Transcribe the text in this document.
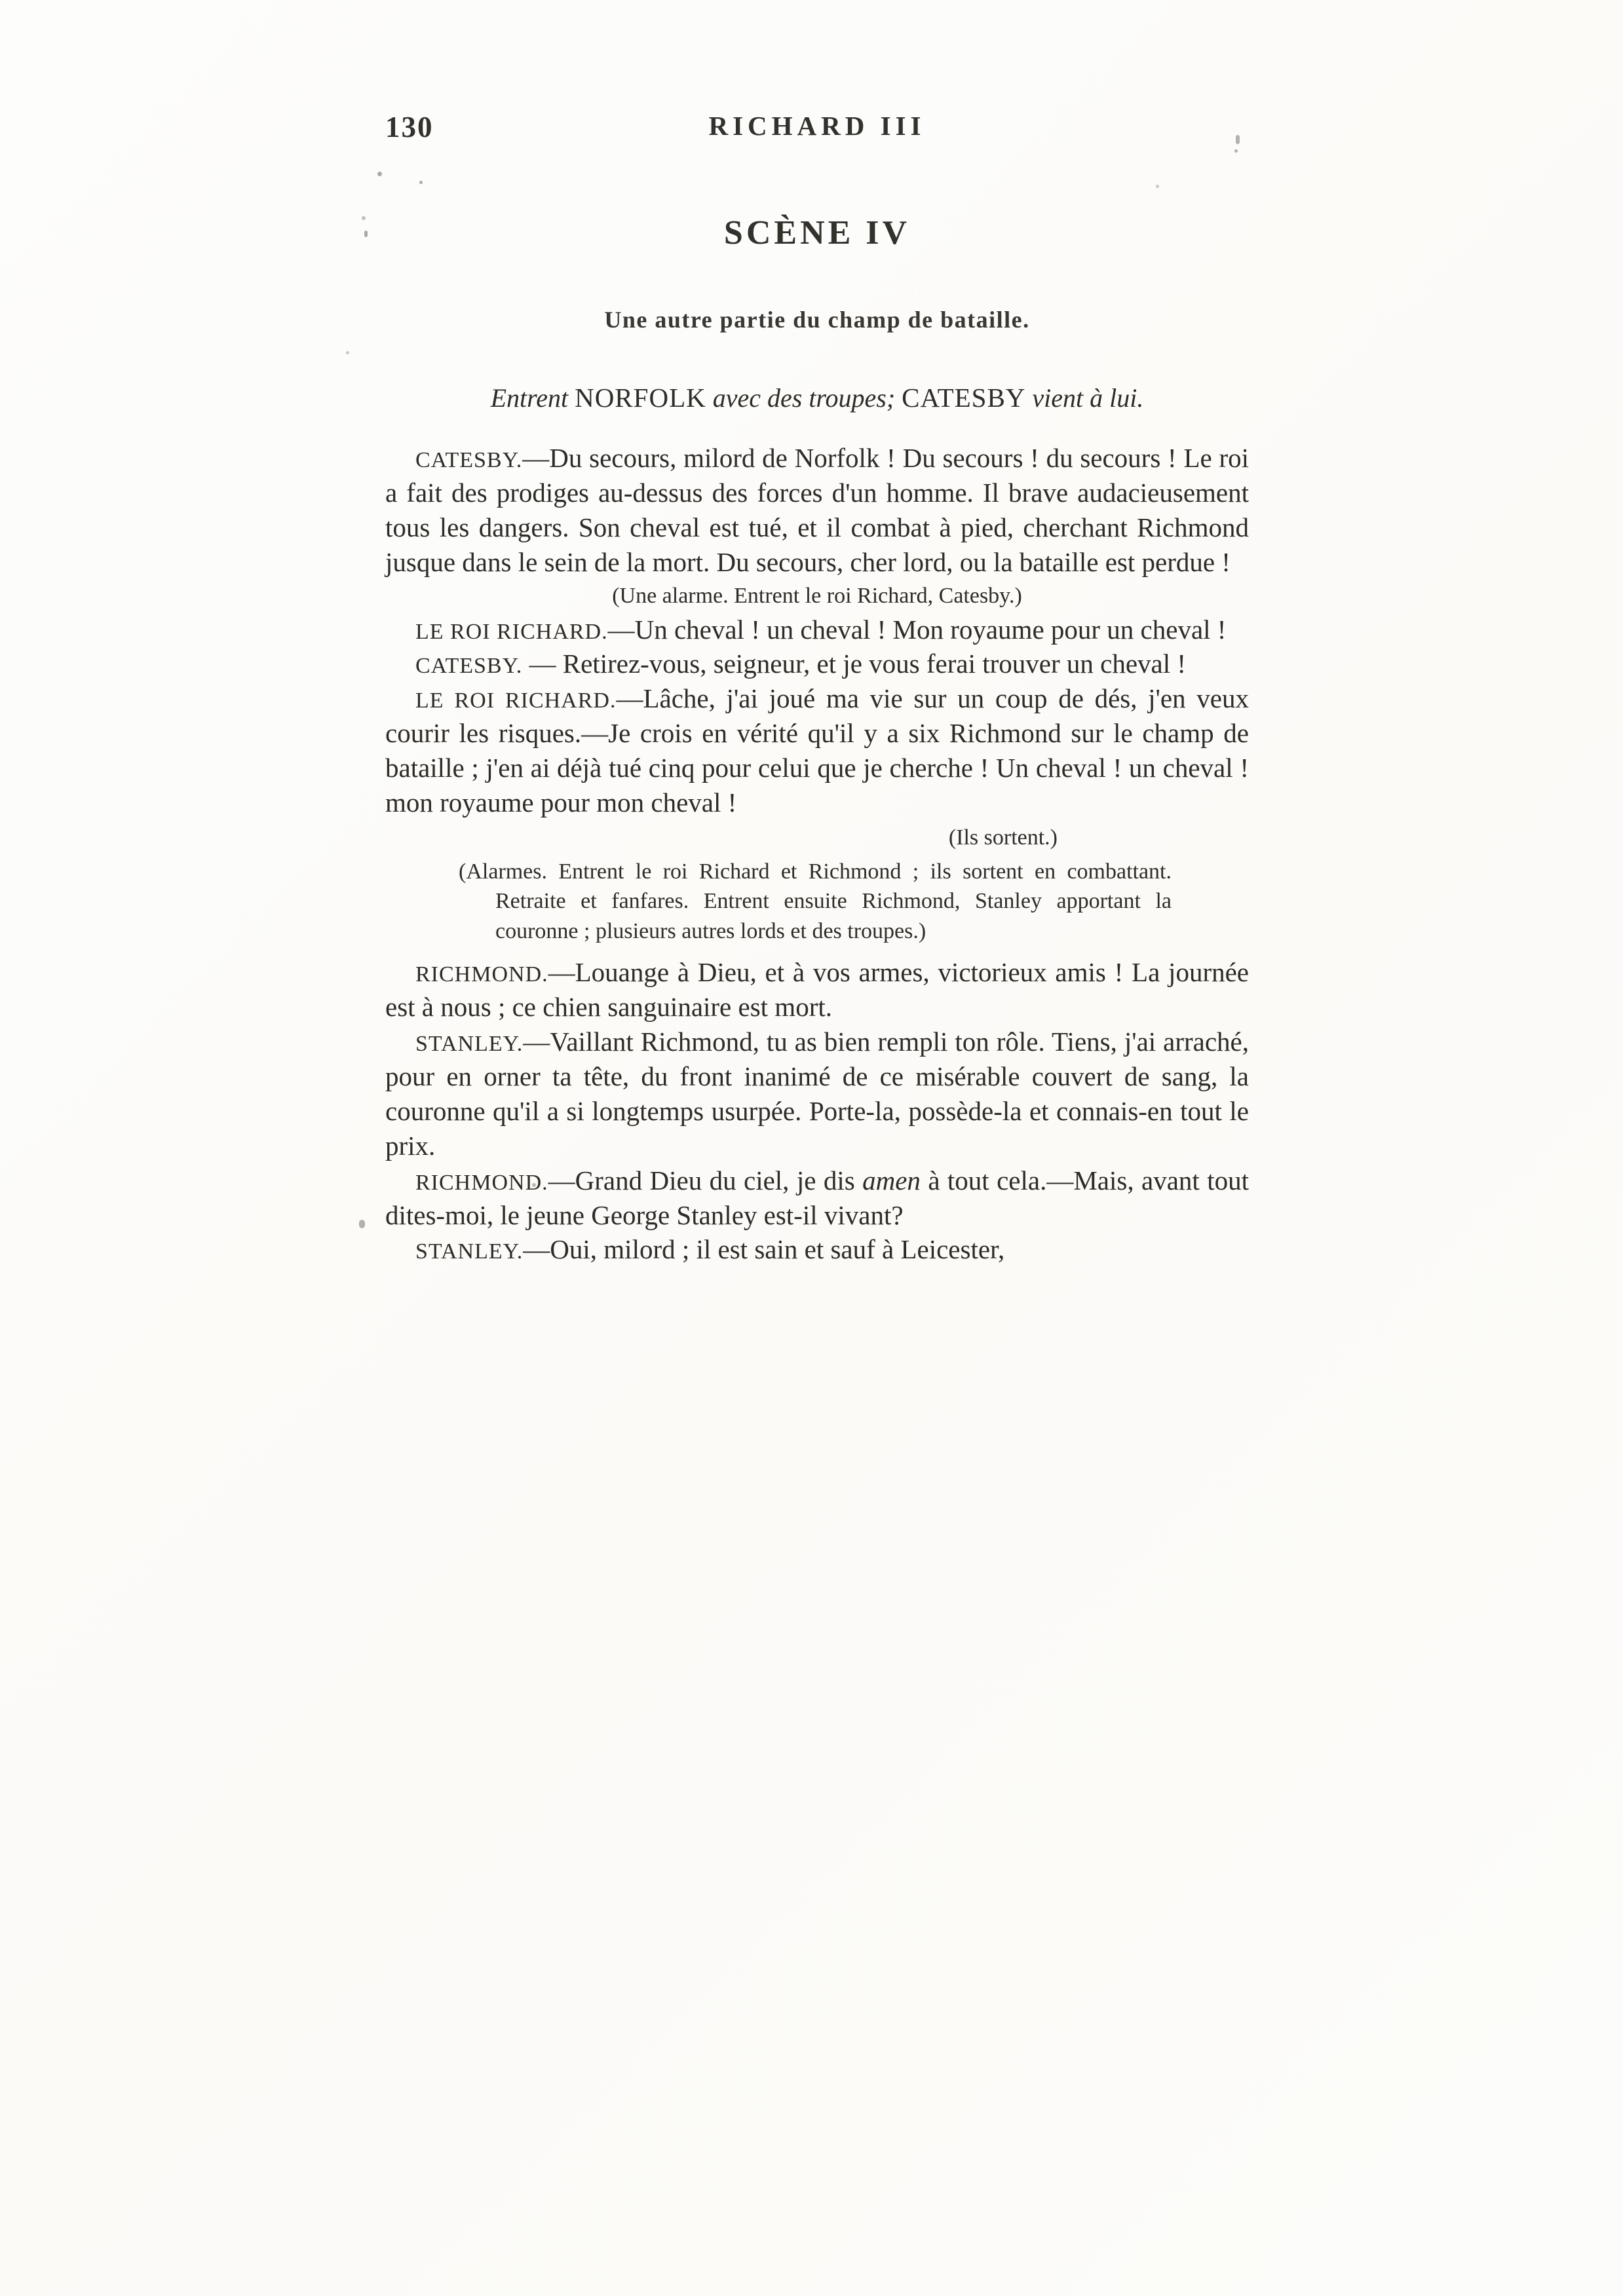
130	RICHARD III
SCÈNE IV
Une autre partie du champ de bataille.
Entrent NORFOLK avec des troupes; CATESBY vient à lui.

CATESBY.—Du secours, milord de Norfolk ! Du secours ! du secours ! Le roi a fait des prodiges au-dessus des forces d'un homme. Il brave audacieusement tous les dangers. Son cheval est tué, et il combat à pied, cherchant Richmond jusque dans le sein de la mort. Du secours, cher lord, ou la bataille est perdue !

(Une alarme. Entrent le roi Richard, Catesby.)

LE ROI RICHARD.—Un cheval ! un cheval ! Mon royaume pour un cheval !

CATESBY. — Retirez-vous, seigneur, et je vous ferai trouver un cheval !

LE ROI RICHARD.—Lâche, j'ai joué ma vie sur un coup de dés, j'en veux courir les risques.—Je crois en vérité qu'il y a six Richmond sur le champ de bataille ; j'en ai déjà tué cinq pour celui que je cherche ! Un cheval ! un cheval ! mon royaume pour mon cheval !

(Ils sortent.)
(Alarmes. Entrent le roi Richard et Richmond ; ils sortent en combattant. Retraite et fanfares. Entrent ensuite Richmond, Stanley apportant la couronne ; plusieurs autres lords et des troupes.)

RICHMOND.—Louange à Dieu, et à vos armes, victorieux amis ! La journée est à nous ; ce chien sanguinaire est mort.

STANLEY.—Vaillant Richmond, tu as bien rempli ton rôle. Tiens, j'ai arraché, pour en orner ta tête, du front inanimé de ce misérable couvert de sang, la couronne qu'il a si longtemps usurpée. Porte-la, possède-la et connais-en tout le prix.

RICHMOND.—Grand Dieu du ciel, je dis amen à tout cela.—Mais, avant tout dites-moi, le jeune George Stanley est-il vivant?

STANLEY.—Oui, milord ; il est sain et sauf à Leicester,
